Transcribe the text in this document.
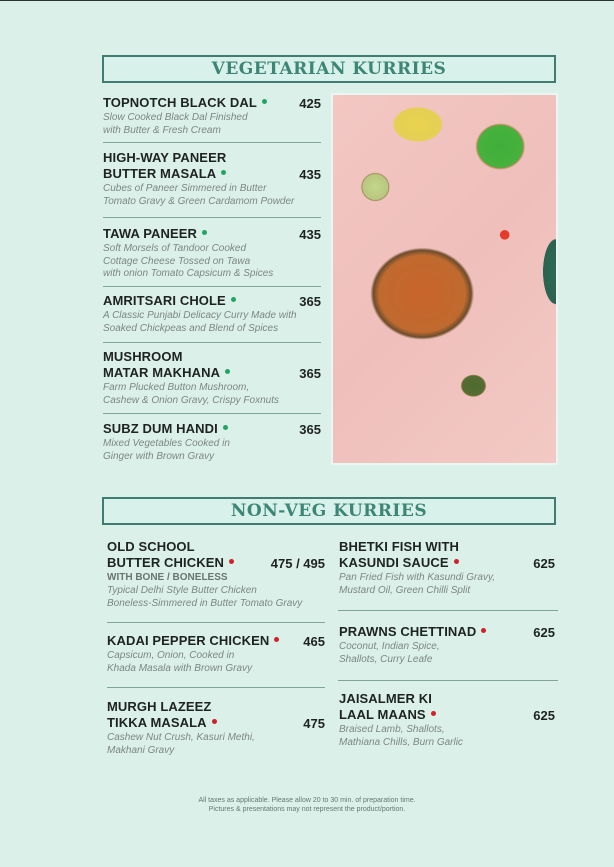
VEGETARIAN KURRIES
TOPNOTCH BLACK DAL	425
Slow Cooked Black Dal Finished
with Butter & Fresh Cream
HIGH-WAY PANEER
BUTTER MASALA	435
Cubes of Paneer Simmered in Butter
Tomato Gravy & Green Cardamom Powder
TAWA PANEER	435
Soft Morsels of Tandoor Cooked
Cottage Cheese Tossed on Tawa
with onion Tomato Capsicum & Spices
AMRITSARI CHOLE	365
A Classic Punjabi Delicacy Curry Made with
Soaked Chickpeas and Blend of Spices
MUSHROOM
MATAR MAKHANA	365
Farm Plucked Button Mushroom,
Cashew & Onion Gravy, Crispy Foxnuts
SUBZ DUM HANDI	365
Mixed Vegetables Cooked in
Ginger with Brown Gravy
NON-VEG KURRIES
OLD SCHOOL
BUTTER CHICKEN	475 / 495
WITH BONE / BONELESS
Typical Delhi Style Butter Chicken
Boneless-Simmered in Butter Tomato Gravy
KADAI PEPPER CHICKEN	465
Capsicum, Onion, Cooked in
Khada Masala with Brown Gravy
MURGH LAZEEZ
TIKKA MASALA	475
Cashew Nut Crush, Kasuri Methi,
Makhani Gravy
BHETKI FISH WITH
KASUNDI SAUCE	625
Pan Fried Fish with Kasundi Gravy,
Mustard Oil, Green Chilli Split
PRAWNS CHETTINAD	625
Coconut, Indian Spice,
Shallots, Curry Leafe
JAISALMER KI
LAAL MAANS	625
Braised Lamb, Shallots,
Mathiana Chills, Burn Garlic
All taxes as applicable. Please allow 20 to 30 min. of preparation time.
Pictures & presentations may not represent the product/portion.
